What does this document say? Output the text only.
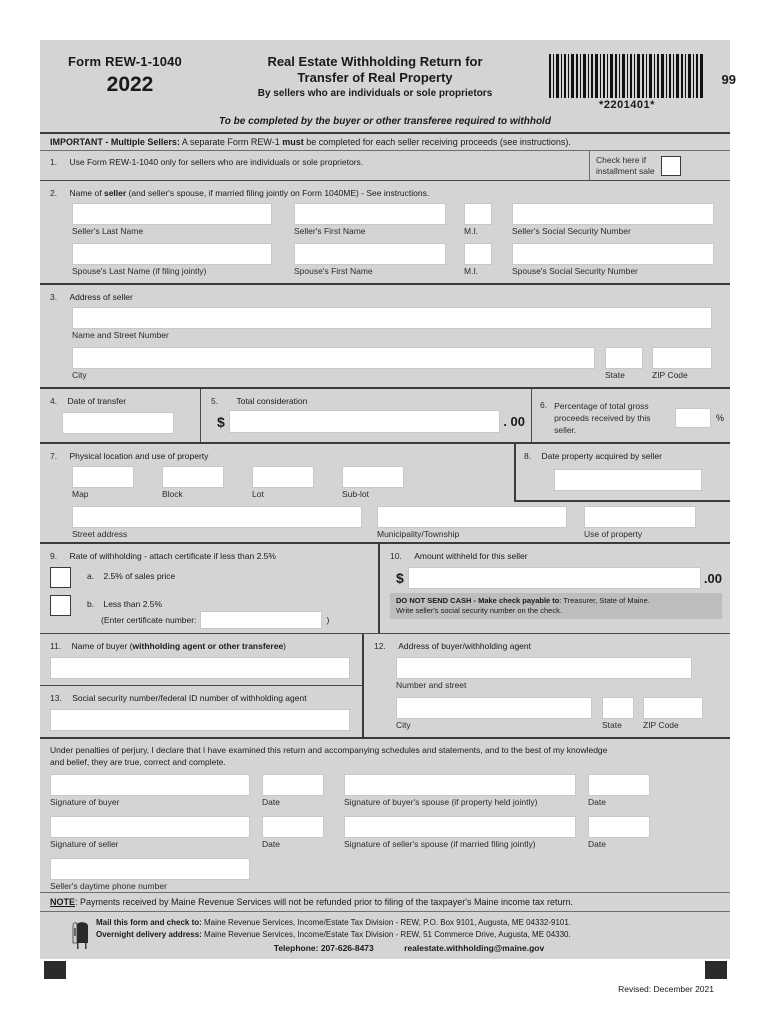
Form REW-1-1040
2022
Real Estate Withholding Return for
Transfer of Real Property
By sellers who are individuals or sole proprietors
*2201401*
99
To be completed by the buyer or other transferee required to withhold
IMPORTANT - Multiple Sellers: A separate Form REW-1 must be completed for each seller receiving proceeds (see instructions).
1. Use Form REW-1-1040 only for sellers who are individuals or sole proprietors.	Check here if
installment sale
2. Name of seller (and seller's spouse, if married filing jointly on Form 1040ME) - See instructions.
Seller's Last Name	Seller's First Name	M.I.	Seller's Social Security Number
Spouse's Last Name (if filing jointly)	Spouse's First Name	M.I.	Spouse's Social Security Number
3. Address of seller
Name and Street Number
City	State	ZIP Code
4. Date of transfer	5. Total consideration
$	. 00
6. Percentage of total gross
proceeds received by this seller.
%
7. Physical location and use of property
Map	Block	Lot	Sub-lot
8. Date property acquired by seller
Street address	Municipality/Township	Use of property
9. Rate of withholding - attach certificate if less than 2.5%
a. 2.5% of sales price
b. Less than 2.5%
(Enter certificate number:	)
10. Amount withheld for this seller
$	.00
DO NOT SEND CASH - Make check payable to: Treasurer, State of Maine.
Write seller's social security number on the check.
11. Name of buyer (withholding agent or other transferee)
13. Social security number/federal ID number of withholding agent
12. Address of buyer/withholding agent
Number and street
City	State	ZIP Code
Under penalties of perjury, I declare that I have examined this return and accompanying schedules and statements, and to the best of my knowledge
and belief, they are true, correct and complete.
Signature of buyer	Date	Signature of buyer's spouse (if property held jointly)	Date
Signature of seller	Date	Signature of seller's spouse (if married filing jointly)	Date
Seller's daytime phone number
NOTE: Payments received by Maine Revenue Services will not be refunded prior to filing of the taxpayer's Maine income tax return.
Mail this form and check to: Maine Revenue Services, Income/Estate Tax Division - REW, P.O. Box 9101, Augusta, ME 04332-9101.
Overnight delivery address: Maine Revenue Services, Income/Estate Tax Division - REW, 51 Commerce Drive, Augusta, ME 04330.
Telephone: 207-626-8473	realestate.withholding@maine.gov
Revised: December 2021
